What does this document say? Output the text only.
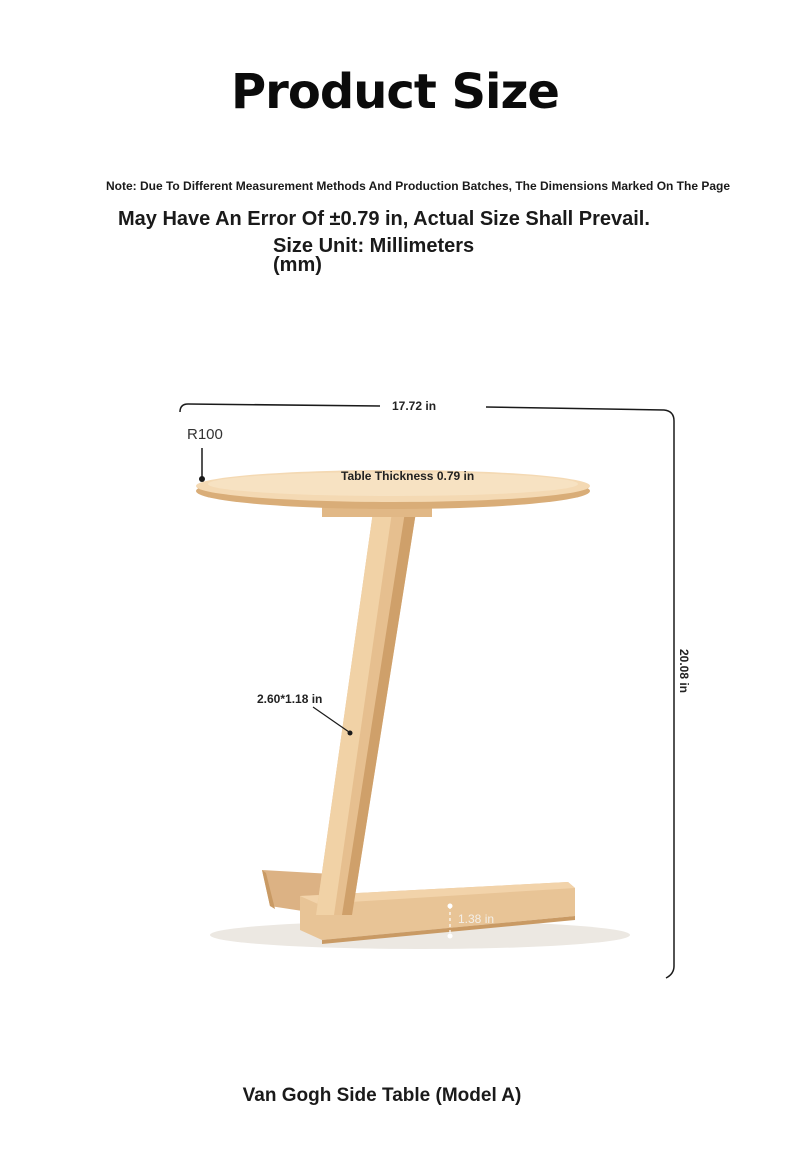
Product Size
Note: Due To Different Measurement Methods And Production Batches, The Dimensions Marked On The Page
May Have An Error Of ±0.79 in, Actual Size Shall Prevail.
Size Unit: Millimeters (mm)
17.72 in
R100
Table Thickness 0.79 in
2.60*1.18 in
1.38 in
20.08 in
Van Gogh Side Table (Model A)
